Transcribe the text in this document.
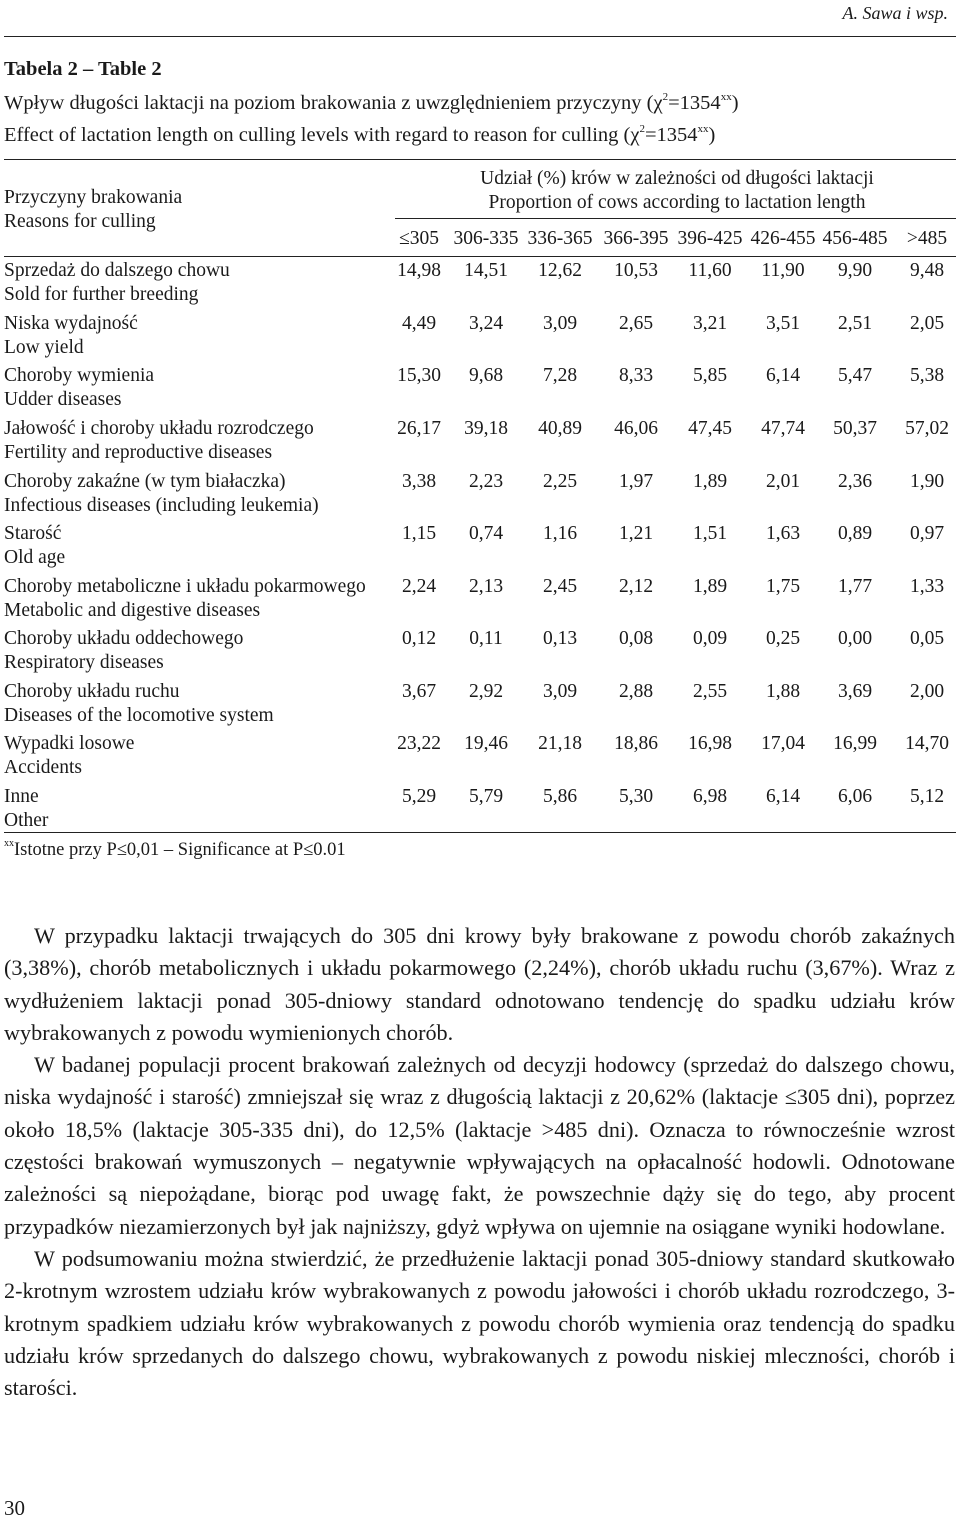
A. Sawa i wsp.
Tabela 2 – Table 2
Wpływ długości laktacji na poziom brakowania z uwzględnieniem przyczyny $(\chi^2=1354^{xx})$
Effect of lactation length on culling levels with regard to reason for culling $(\chi^2=1354^{xx})$
Przyczyny brakowania
Reasons for culling
Udział (%) krów w zależności od długości laktacji
Proportion of cows according to lactation length
≤305 306-335 336-365 366-395 396-425 426-455 456-485 >485
Sprzedaż do dalszego chowu
Sold for further breeding
14,98	14,51	12,62	10,53	11,60	11,90	9,90	9,48
Niska wydajność
Low yield
4,49	3,24	3,09	2,65	3,21	3,51	2,51	2,05
Choroby wymienia
Udder diseases
15,30	9,68	7,28	8,33	5,85	6,14	5,47	5,38
Jałowość i choroby układu rozrodczego
Fertility and reproductive diseases
26,17	39,18	40,89	46,06	47,45	47,74	50,37	57,02
Choroby zakaźne (w tym białaczka)
Infectious diseases (including leukemia)
3,38	2,23	2,25	1,97	1,89	2,01	2,36	1,90
Starość
Old age
1,15	0,74	1,16	1,21	1,51	1,63	0,89	0,97
Choroby metaboliczne i układu pokarmowego
Metabolic and digestive diseases
2,24	2,13	2,45	2,12	1,89	1,75	1,77	1,33
Choroby układu oddechowego
Respiratory diseases
0,12	0,11	0,13	0,08	0,09	0,25	0,00	0,05
Choroby układu ruchu
Diseases of the locomotive system
3,67	2,92	3,09	2,88	2,55	1,88	3,69	2,00
Wypadki losowe
Accidents
23,22	19,46	21,18	18,86	16,98	17,04	16,99	14,70
Inne
Other
5,29	5,79	5,86	5,30	6,98	6,14	6,06	5,12
$^{xx}$Istotne przy P≤0,01 – Significance at P≤0.01

W przypadku laktacji trwających do 305 dni krowy były brakowane z powodu chorób zakaźnych (3,38%), chorób metabolicznych i układu pokarmowego (2,24%), chorób układu ruchu (3,67%). Wraz z wydłużeniem laktacji ponad 305-dniowy standard odnotowano tendencję do spadku udziału krów wybrakowanych z powodu wymienionych chorób.

W badanej populacji procent brakowań zależnych od decyzji hodowcy (sprzedaż do dalszego chowu, niska wydajność i starość) zmniejszał się wraz z długością laktacji z 20,62% (laktacje ≤305 dni), poprzez około 18,5% (laktacje 305-335 dni), do 12,5% (laktacje >485 dni). Oznacza to równocześnie wzrost częstości brakowań wymuszonych – negatywnie wpływających na opłacalność hodowli. Odnotowane zależności są niepożądane, biorąc pod uwagę fakt, że powszechnie dąży się do tego, aby procent przypadków niezamierzonych był jak najniższy, gdyż wpływa on ujemnie na osiągane wyniki hodowlane.

W podsumowaniu można stwierdzić, że przedłużenie laktacji ponad 305-dniowy standard skutkowało 2-krotnym wzrostem udziału krów wybrakowanych z powodu jałowości i chorób układu rozrodczego, 3-krotnym spadkiem udziału krów wybrakowanych z powodu chorób wymienia oraz tendencją do spadku udziału krów sprzedanych do dalszego chowu, wybrakowanych z powodu niskiej mleczności, chorób i starości.

30
